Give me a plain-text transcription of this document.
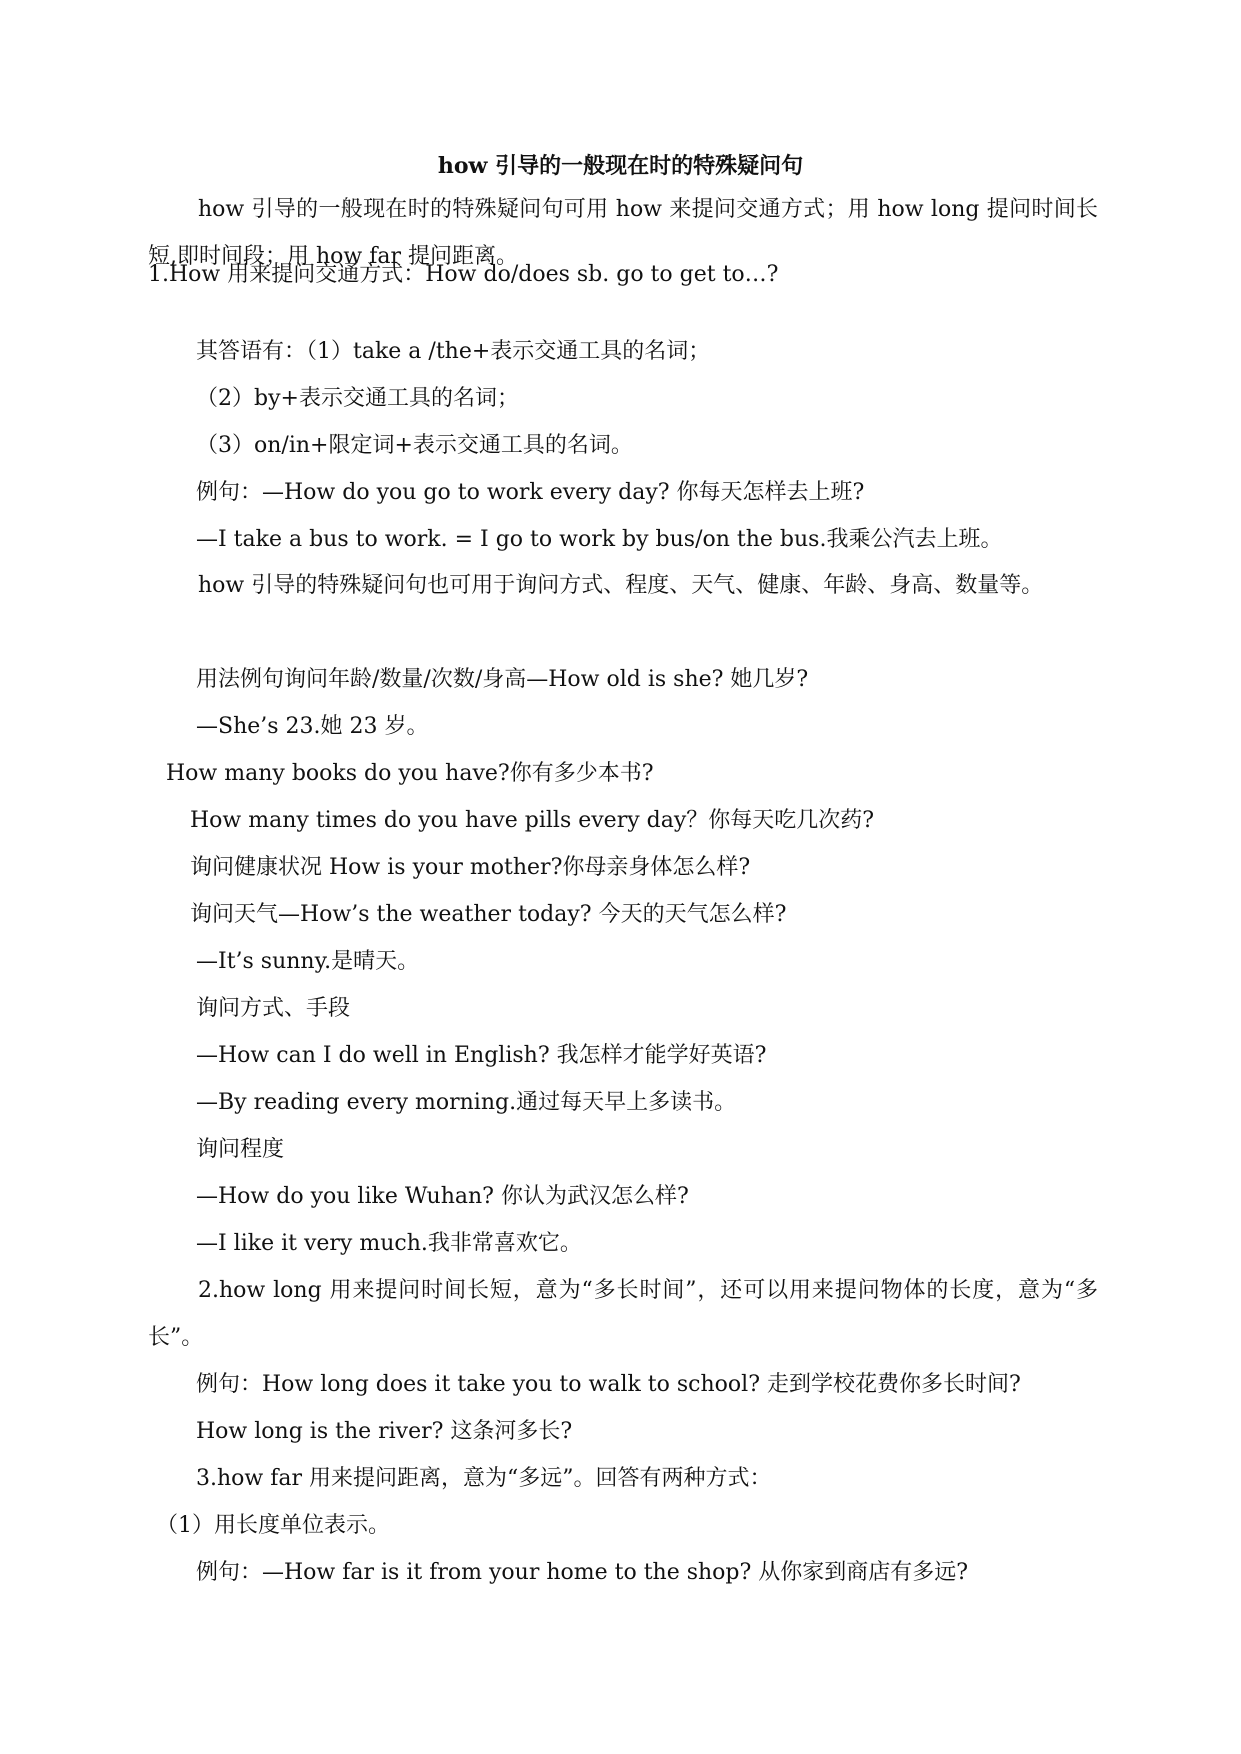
how 引导的一般现在时的特殊疑问句
how 引导的一般现在时的特殊疑问句可用 how 来提问交通方式；用 how long 提问时间长短,即时间段；用 how far 提问距离。
1.How 用来提问交通方式：How do/does sb. go to get to…?
其答语有：（1）take a /the+表示交通工具的名词；
（2）by+表示交通工具的名词；
（3）on/in+限定词+表示交通工具的名词。
例句：—How do you go to work every day? 你每天怎样去上班?
—I take a bus to work. = I go to work by bus/on the bus.我乘公汽去上班。
how 引导的特殊疑问句也可用于询问方式、程度、天气、健康、年龄、身高、数量等。
用法例句询问年龄/数量/次数/身高—How old is she? 她几岁?
—She’s 23.她 23 岁。
How many books do you have?你有多少本书?
How many times do you have pills every day？你每天吃几次药?
询问健康状况 How is your mother?你母亲身体怎么样?
询问天气—How’s the weather today? 今天的天气怎么样?
—It’s sunny.是晴天。
询问方式、手段
—How can I do well in English? 我怎样才能学好英语?
—By reading every morning.通过每天早上多读书。
询问程度
—How do you like Wuhan? 你认为武汉怎么样?
—I like it very much.我非常喜欢它。
2.how long 用来提问时间长短，意为“多长时间”，还可以用来提问物体的长度，意为“多长”。
例句：How long does it take you to walk to school? 走到学校花费你多长时间?
How long is the river? 这条河多长?
3.how far 用来提问距离，意为“多远”。回答有两种方式：
（1）用长度单位表示。
例句：—How far is it from your home to the shop? 从你家到商店有多远?
